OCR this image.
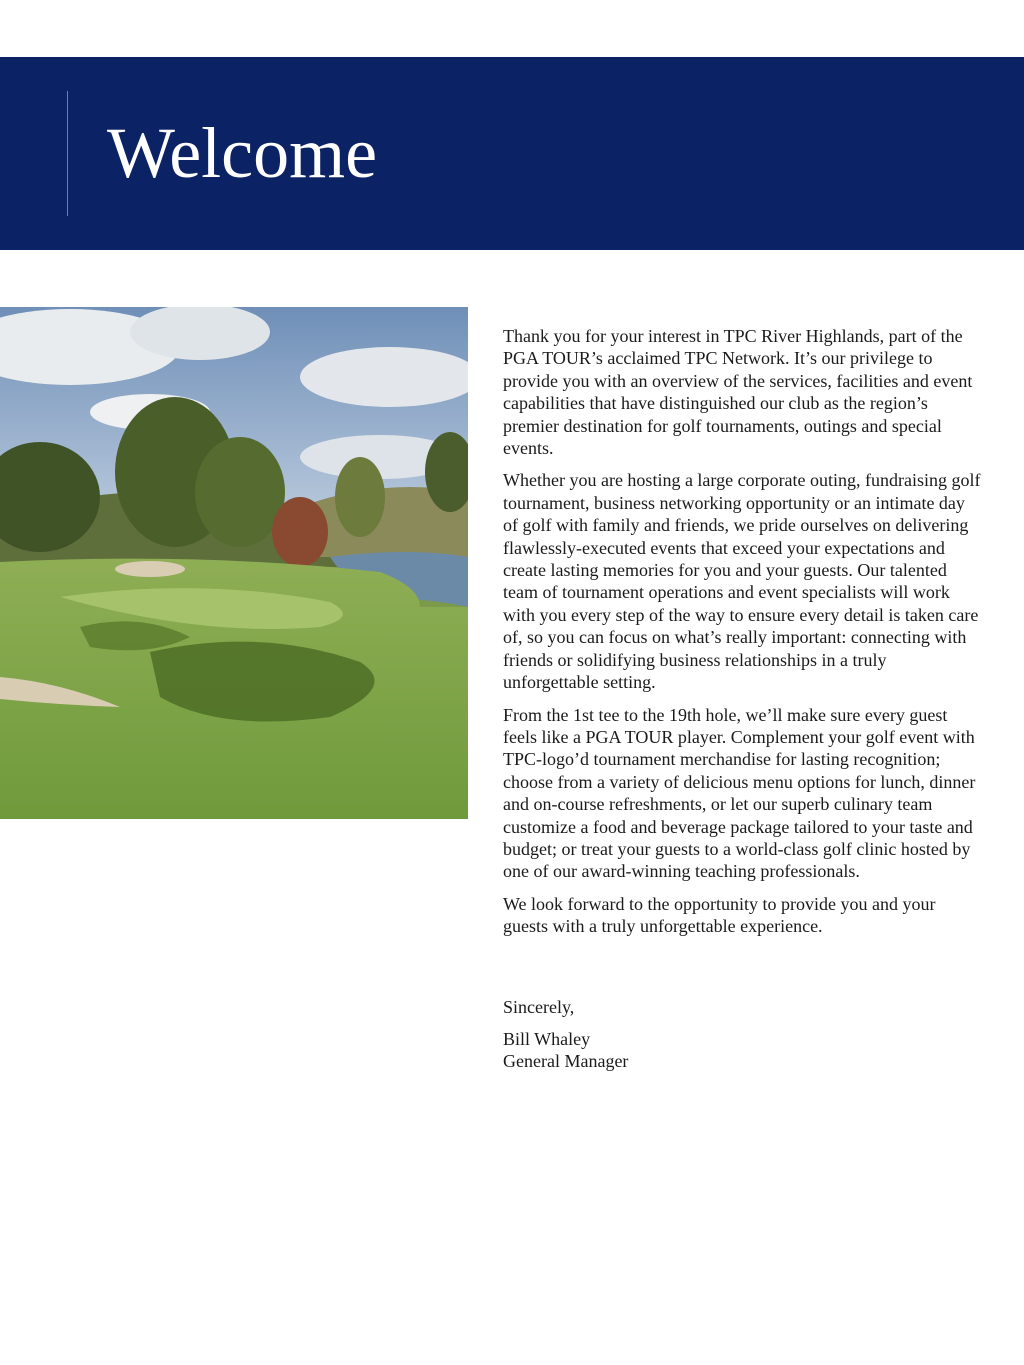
Welcome

Thank you for your interest in TPC River Highlands, part of the PGA TOUR’s acclaimed TPC Network. It’s our privilege to provide you with an overview of the services, facilities and event capabilities that have distinguished our club as the region’s premier destination for golf tournaments, outings and special events.

Whether you are hosting a large corporate outing, fundraising golf tournament, business networking opportunity or an intimate day of golf with family and friends, we pride ourselves on delivering flawlessly-executed events that exceed your expectations and create lasting memories for you and your guests. Our talented team of tournament operations and event specialists will work with you every step of the way to ensure every detail is taken care of, so you can focus on what’s really important: connecting with friends or solidifying business relationships in a truly unforgettable setting.

From the 1st tee to the 19th hole, we’ll make sure every guest feels like a PGA TOUR player. Complement your golf event with TPC-logo’d tournament merchandise for lasting recognition; choose from a variety of delicious menu options for lunch, dinner and on-course refreshments, or let our superb culinary team customize a food and beverage package tailored to your taste and budget; or treat your guests to a world-class golf clinic hosted by one of our award-winning teaching professionals.

We look forward to the opportunity to provide you and your guests with a truly unforgettable experience.

Sincerely,

Bill Whaley
General Manager
